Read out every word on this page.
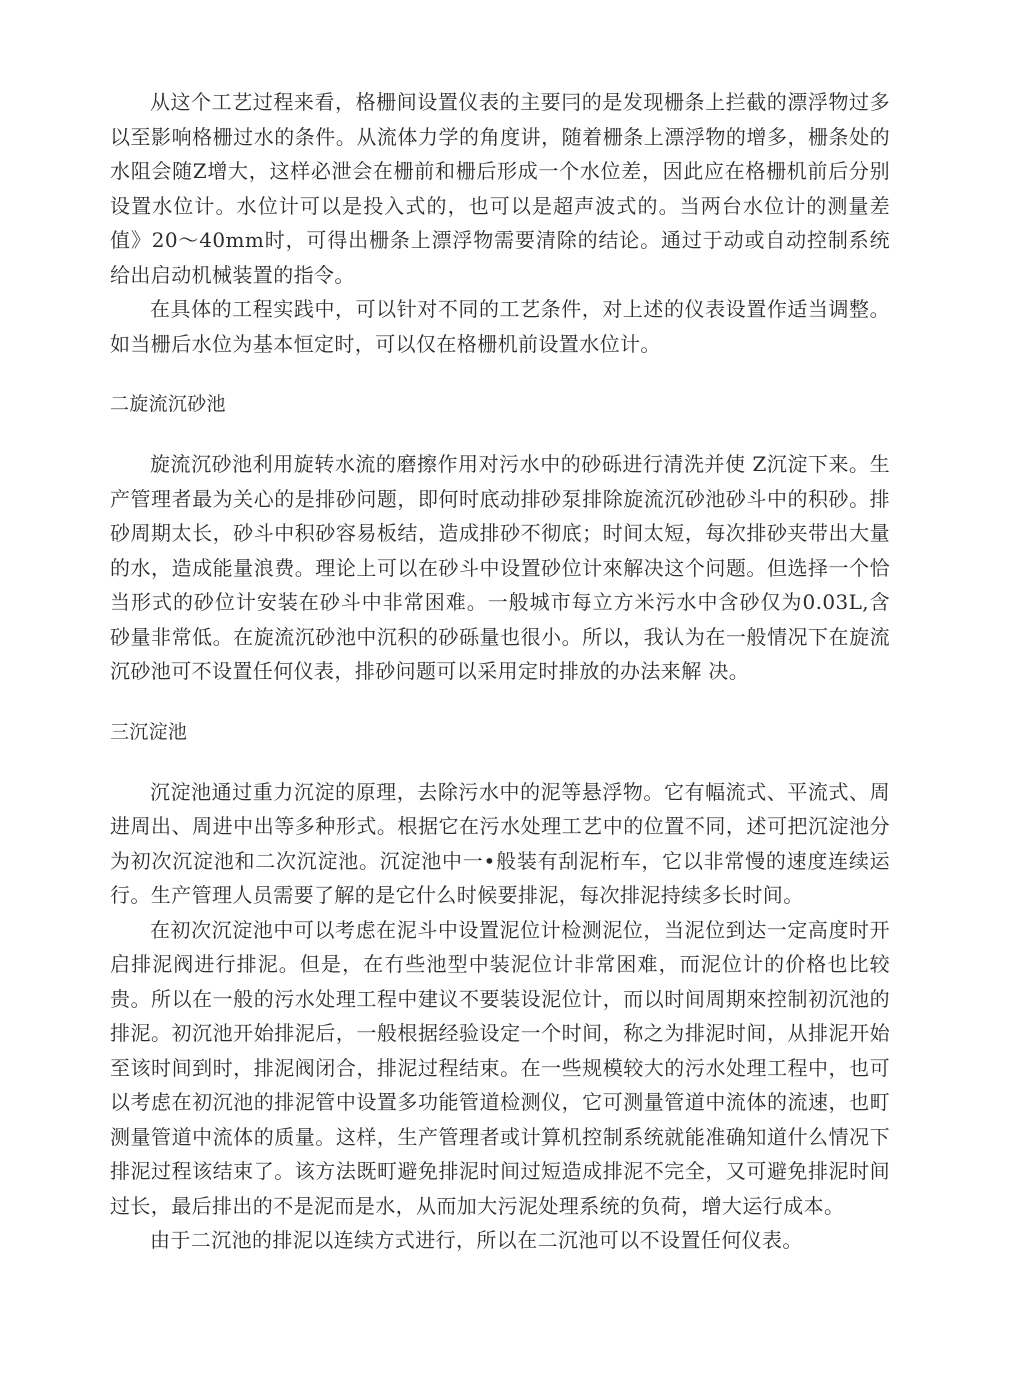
从这个工艺过程来看，格栅间设置仪表的主要冃的是发现栅条上拦截的漂浮物过多以至影响格栅过水的条件。从流体力学的角度讲，随着栅条上漂浮物的增多，栅条处的水阻会随Z增大，这样必泄会在栅前和栅后形成一个水位差，因此应在格栅机前后分别设置水位计。水位计可以是投入式的，也可以是超声波式的。当两台水位计的测量差值》20～40mm时，可得出栅条上漂浮物需要清除的结论。通过于动或自动控制系统给出启动机械装置的指令。

在具体的工程实践中，可以针对不同的工艺条件，对上述的仪表设置作适当调整。如当栅后水位为基本恒定时，可以仅在格栅机前设置水位计。

二旋流沉砂池

旋流沉砂池利用旋转水流的磨擦作用对污水中的砂砾进行清洗并使 Z沉淀下来。生产管理者最为关心的是排砂问题，即何时底动排砂泵排除旋流沉砂池砂斗中的积砂。排砂周期太长，砂斗中积砂容易板结，造成排砂不彻底；时间太短，每次排砂夹带出大量的水，造成能量浪费。理论上可以在砂斗中设置砂位计來解决这个问题。但选择一个恰当形式的砂位计安装在砂斗中非常困难。一般城市每立方米污水中含砂仅为0.03L,含砂量非常低。在旋流沉砂池中沉积的砂砾量也很小。所以，我认为在一般情况下在旋流沉砂池可不设置任何仪表，排砂问题可以采用定时排放的办法来解 决。

三沉淀池

沉淀池通过重力沉淀的原理，去除污水中的泥等悬浮物。它有幅流式、平流式、周进周出、周进中出等多种形式。根据它在污水处理工艺中的位置不同，述可把沉淀池分为初次沉淀池和二次沉淀池。沉淀池中一•般装有刮泥桁车，它以非常慢的速度连续运行。生产管理人员需要了解的是它什么时候要排泥，每次排泥持续多长时间。

在初次沉淀池中可以考虑在泥斗中设置泥位计检测泥位，当泥位到达一定高度时开启排泥阀进行排泥。但是，在冇些池型中装泥位计非常困难，而泥位计的价格也比较贵。所以在一般的污水处理工程中建议不要装设泥位计，而以时间周期來控制初沉池的排泥。初沉池开始排泥后，一般根据经验设定一个时间，称之为排泥时间，从排泥开始至该时间到时，排泥阀闭合，排泥过程结束。在一些规模较大的污水处理工程中，也可以考虑在初沉池的排泥管中设置多功能管道检测仪，它可测量管道中流体的流速，也町测量管道中流体的质量。这样，生产管理者或计算机控制系统就能准确知道什么情况下排泥过程该结束了。该方法既町避免排泥时间过短造成排泥不完全，又可避免排泥时间过长，最后排出的不是泥而是水，从而加大污泥处理系统的负荷，增大运行成本。

由于二沉池的排泥以连续方式进行，所以在二沉池可以不设置任何仪表。
